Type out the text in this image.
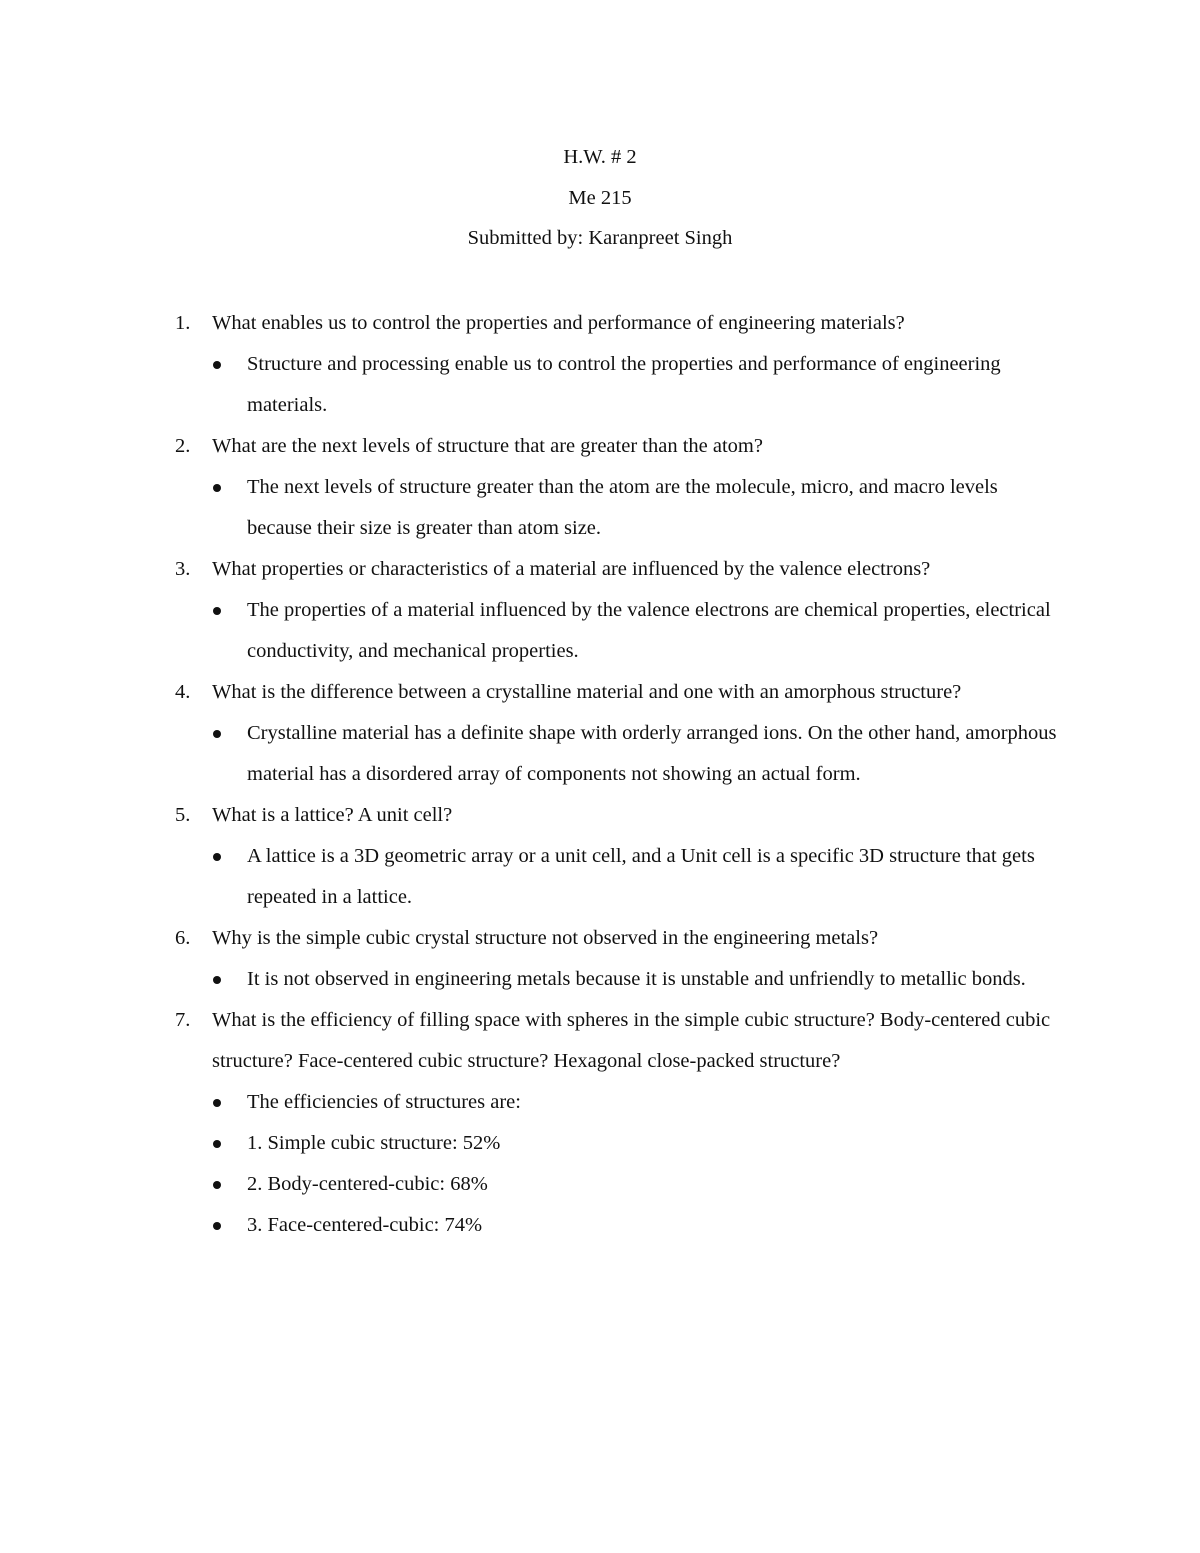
H.W. # 2
Me 215
Submitted by: Karanpreet Singh
1. What enables us to control the properties and performance of engineering materials?
Structure and processing enable us to control the properties and performance of engineering materials.
2. What are the next levels of structure that are greater than the atom?
The next levels of structure greater than the atom are the molecule, micro, and macro levels because their size is greater than atom size.
3. What properties or characteristics of a material are influenced by the valence electrons?
The properties of a material influenced by the valence electrons are chemical properties, electrical conductivity, and mechanical properties.
4. What is the difference between a crystalline material and one with an amorphous structure?
Crystalline material has a definite shape with orderly arranged ions. On the other hand, amorphous material has a disordered array of components not showing an actual form.
5. What is a lattice? A unit cell?
A lattice is a 3D geometric array or a unit cell, and a Unit cell is a specific 3D structure that gets repeated in a lattice.
6. Why is the simple cubic crystal structure not observed in the engineering metals?
It is not observed in engineering metals because it is unstable and unfriendly to metallic bonds.
7. What is the efficiency of filling space with spheres in the simple cubic structure? Body-centered cubic structure? Face-centered cubic structure? Hexagonal close-packed structure?
The efficiencies of structures are:
1. Simple cubic structure: 52%
2. Body-centered-cubic: 68%
3. Face-centered-cubic: 74%
